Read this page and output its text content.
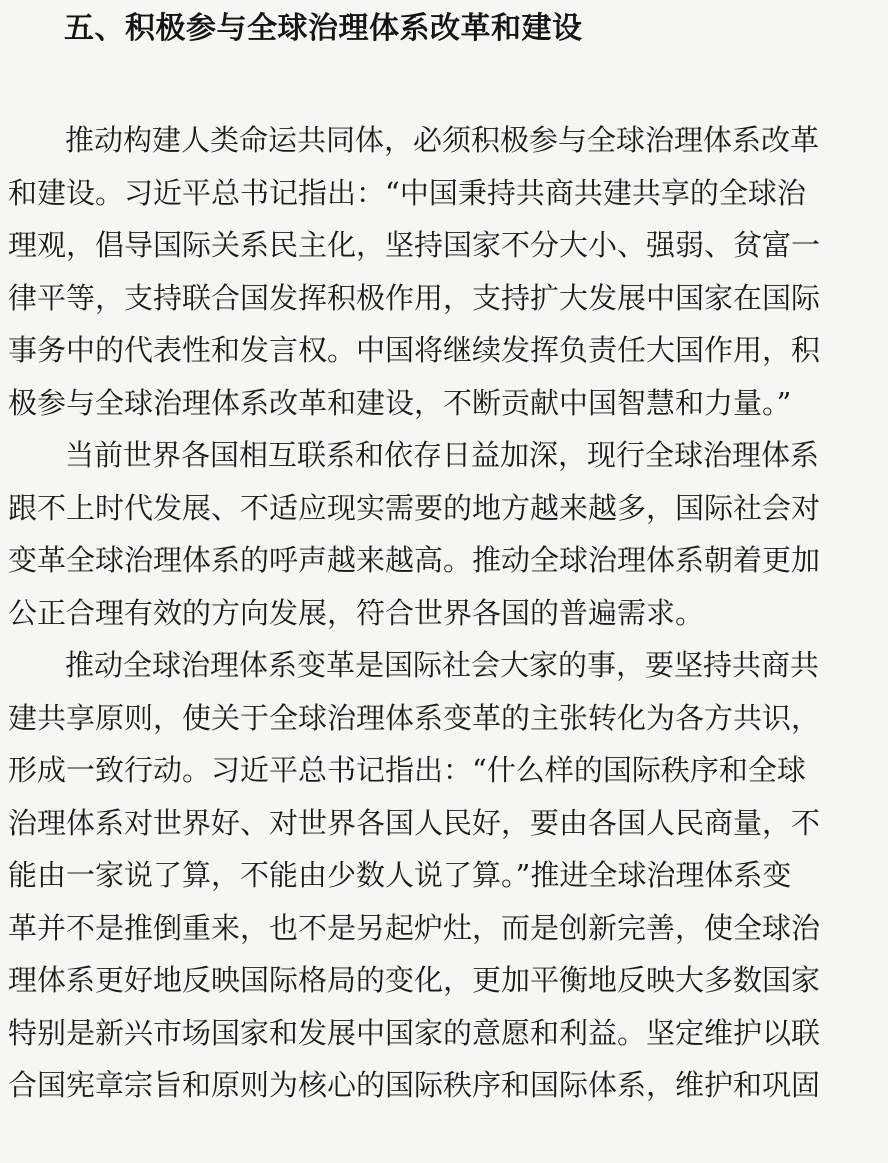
五、积极参与全球治理体系改革和建设
推动构建人类命运共同体，必须积极参与全球治理体系改革
和建设。习近平总书记指出：“中国秉持共商共建共享的全球治
理观，倡导国际关系民主化，坚持国家不分大小、强弱、贫富一
律平等，支持联合国发挥积极作用，支持扩大发展中国家在国际
事务中的代表性和发言权。中国将继续发挥负责任大国作用，积
极参与全球治理体系改革和建设，不断贡献中国智慧和力量。”
当前世界各国相互联系和依存日益加深，现行全球治理体系
跟不上时代发展、不适应现实需要的地方越来越多，国际社会对
变革全球治理体系的呼声越来越高。推动全球治理体系朝着更加
公正合理有效的方向发展，符合世界各国的普遍需求。
推动全球治理体系变革是国际社会大家的事，要坚持共商共
建共享原则，使关于全球治理体系变革的主张转化为各方共识，
形成一致行动。习近平总书记指出：“什么样的国际秩序和全球
治理体系对世界好、对世界各国人民好，要由各国人民商量，不
能由一家说了算，不能由少数人说了算。”推进全球治理体系变
革并不是推倒重来，也不是另起炉灶，而是创新完善，使全球治
理体系更好地反映国际格局的变化，更加平衡地反映大多数国家
特别是新兴市场国家和发展中国家的意愿和利益。坚定维护以联
合国宪章宗旨和原则为核心的国际秩序和国际体系，维护和巩固
